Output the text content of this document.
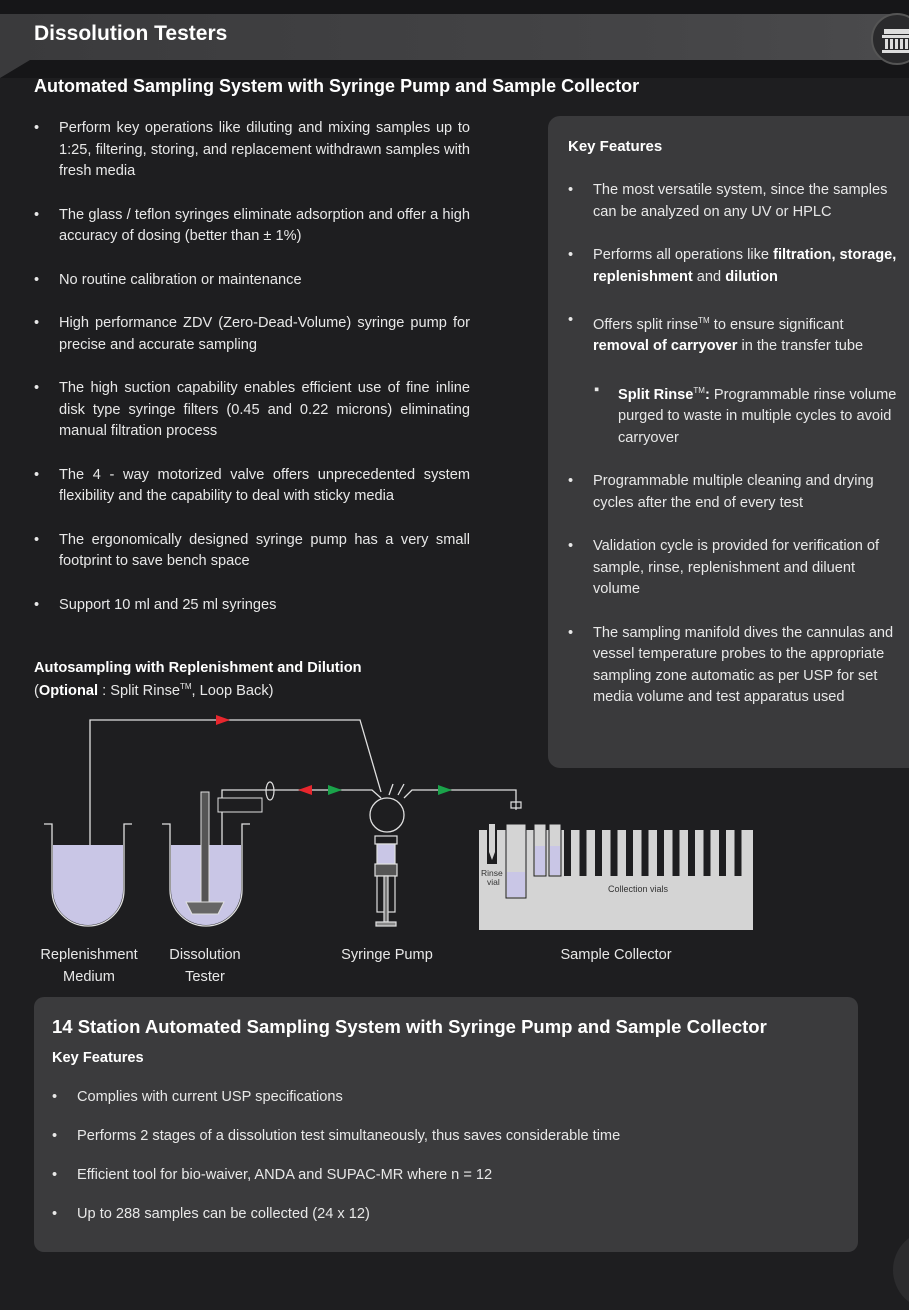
Dissolution Testers
Automated Sampling System with Syringe Pump and Sample Collector
• Perform key operations like diluting and mixing samples up to 1:25, filtering, storing, and replacement withdrawn samples with fresh media
• The glass / teflon syringes eliminate adsorption and offer a high accuracy of dosing (better than ± 1%)
• No routine calibration or maintenance
• High performance ZDV (Zero-Dead-Volume) syringe pump for precise and accurate sampling
• The high suction capability enables efficient use of fine inline disk type syringe filters (0.45 and 0.22 microns) eliminating manual filtration process
• The 4 - way motorized valve offers unprecedented system flexibility and the capability to deal with sticky media
• The ergonomically designed syringe pump has a very small footprint to save bench space
• Support 10 ml and 25 ml syringes
Key Features
• The most versatile system, since the samples can be analyzed on any UV or HPLC
• Performs all operations like filtration, storage, replenishment and dilution
• Offers split rinse™ to ensure significant removal of carryover in the transfer tube
▪ Split Rinse™: Programmable rinse volume purged to waste in multiple cycles to avoid carryover
• Programmable multiple cleaning and drying cycles after the end of every test
• Validation cycle is provided for verification of sample, rinse, replenishment and diluent volume
• The sampling manifold dives the cannulas and vessel temperature probes to the appropriate sampling zone automatic as per USP for set media volume and test apparatus used
Autosampling with Replenishment and Dilution
(Optional : Split Rinse™, Loop Back)
Rinse
vial
Collection vials
Replenishment
Medium
Dissolution
Tester
Syringe Pump	Sample Collector
14 Station Automated Sampling System with Syringe Pump and Sample Collector
Key Features
• Complies with current USP specifications
• Performs 2 stages of a dissolution test simultaneously, thus saves considerable time
• Efficient tool for bio-waiver, ANDA and SUPAC-MR where n = 12
• Up to 288 samples can be collected (24 x 12)
